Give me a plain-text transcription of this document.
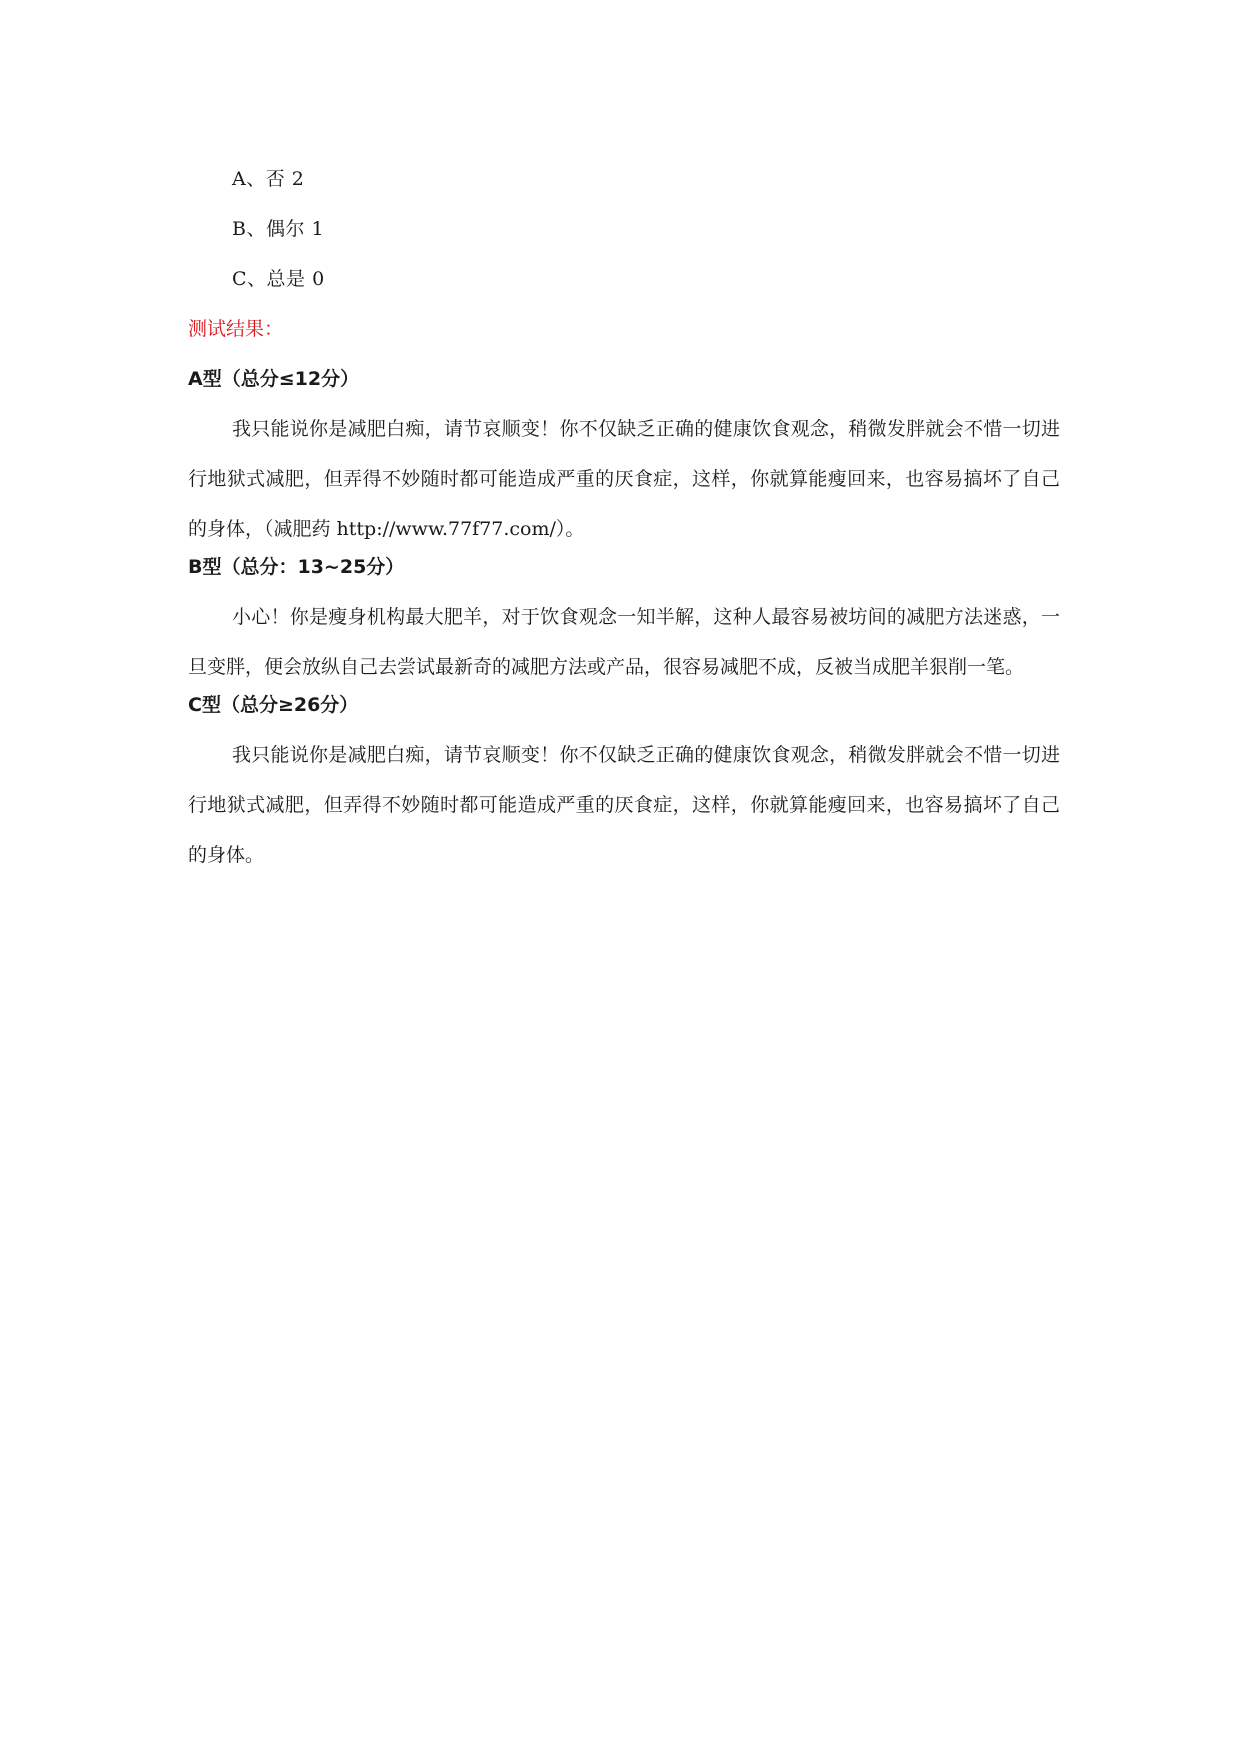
A、否 2
B、偶尔 1
C、总是 0
测试结果：
A型（总分≤12分）

我只能说你是减肥白痴，请节哀顺变！你不仅缺乏正确的健康饮食观念，稍微发胖就会不惜一切进行地狱式减肥，但弄得不妙随时都可能造成严重的厌食症，这样，你就算能瘦回来，也容易搞坏了自己的身体，（减肥药 http://www.77f77.com/）。

B型（总分：13~25分）

小心！你是瘦身机构最大肥羊，对于饮食观念一知半解，这种人最容易被坊间的减肥方法迷惑，一旦变胖，便会放纵自己去尝试最新奇的减肥方法或产品，很容易减肥不成，反被当成肥羊狠削一笔。

C型（总分≥26分）

我只能说你是减肥白痴，请节哀顺变！你不仅缺乏正确的健康饮食观念，稍微发胖就会不惜一切进行地狱式减肥，但弄得不妙随时都可能造成严重的厌食症，这样，你就算能瘦回来，也容易搞坏了自己的身体。
